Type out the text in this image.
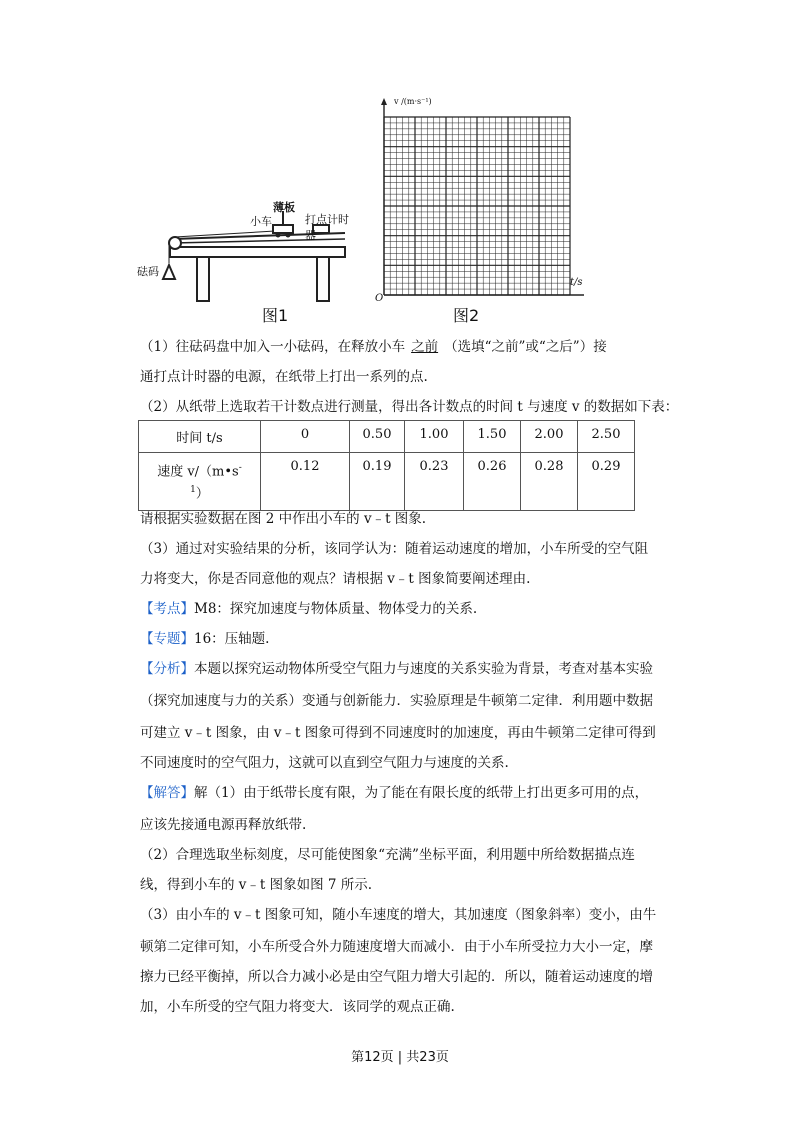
薄板
小车	打点计时器
砝码
图1
v /(m·s⁻¹)
t/s
O
图2
（1）往砝码盘中加入一小砝码，在释放小车 之前 （选填“之前”或“之后”）接
通打点计时器的电源，在纸带上打出一系列的点.
（2）从纸带上选取若干计数点进行测量，得出各计数点的时间 t 与速度 v 的数据如下表：
时间 t/s	0	0.50	1.00	1.50	2.00	2.50
速度 v/（m•s-
$^1$）	0.12	0.19	0.23	0.26	0.28	0.29
请根据实验数据在图 2 中作出小车的 v﹣t 图象.
（3）通过对实验结果的分析，该同学认为：随着运动速度的增加，小车所受的空气阻
力将变大，你是否同意他的观点？请根据 v﹣t 图象简要阐述理由.
【考点】M8：探究加速度与物体质量、物体受力的关系.
【专题】16：压轴题.
【分析】本题以探究运动物体所受空气阻力与速度的关系实验为背景，考查对基本实验
（探究加速度与力的关系）变通与创新能力．实验原理是牛顿第二定律．利用题中数据
可建立 v﹣t 图象，由 v﹣t 图象可得到不同速度时的加速度，再由牛顿第二定律可得到
不同速度时的空气阻力，这就可以直到空气阻力与速度的关系.
【解答】解（1）由于纸带长度有限，为了能在有限长度的纸带上打出更多可用的点，
应该先接通电源再释放纸带.
（2）合理选取坐标刻度，尽可能使图象“充满”坐标平面，利用题中所给数据描点连
线，得到小车的 v﹣t 图象如图 7 所示.
（3）由小车的 v﹣t 图象可知，随小车速度的增大，其加速度（图象斜率）变小，由牛
顿第二定律可知，小车所受合外力随速度增大而减小．由于小车所受拉力大小一定，摩
擦力已经平衡掉，所以合力减小必是由空气阻力增大引起的．所以，随着运动速度的增
加，小车所受的空气阻力将变大．该同学的观点正确.
第12页 | 共23页
